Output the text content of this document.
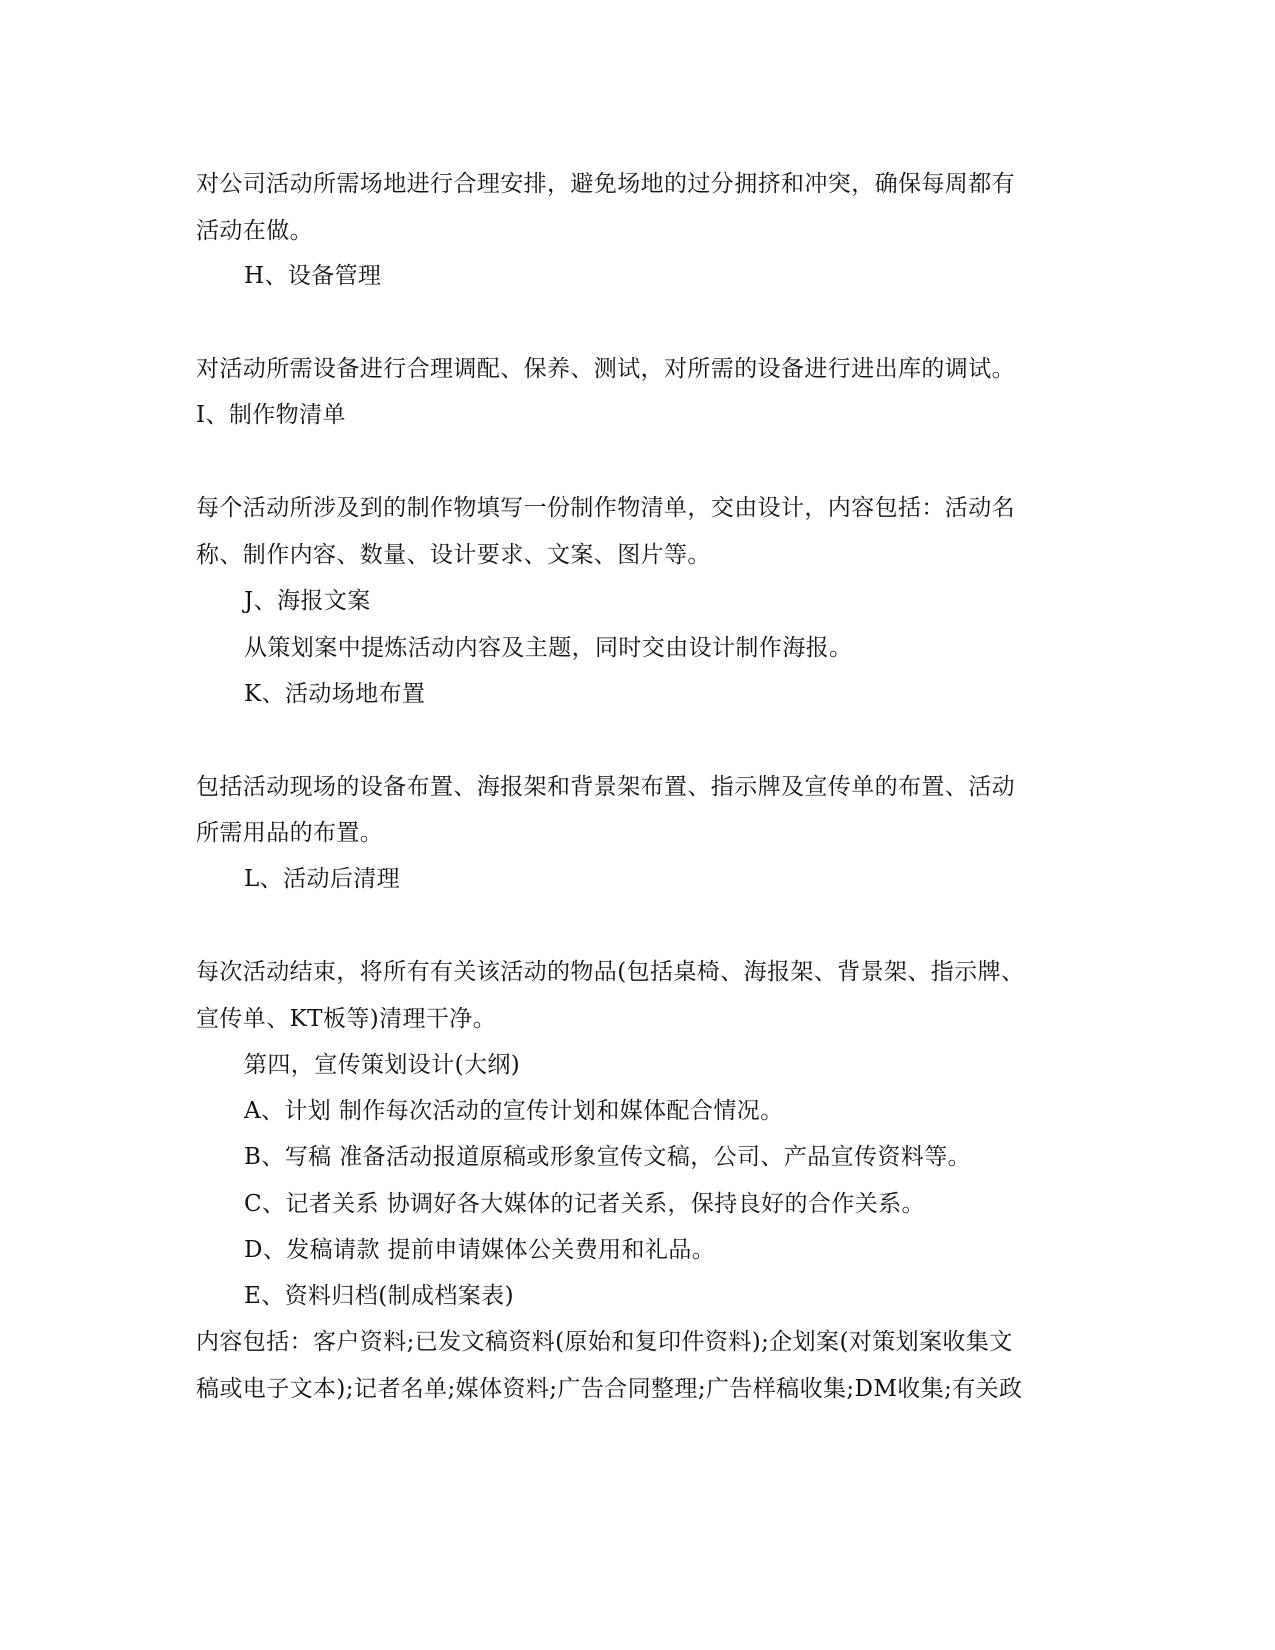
对公司活动所需场地进行合理安排，避免场地的过分拥挤和冲突，确保每周都有
活动在做。
H、设备管理
对活动所需设备进行合理调配、保养、测试，对所需的设备进行进出库的调试。
I、制作物清单
每个活动所涉及到的制作物填写一份制作物清单，交由设计，内容包括：活动名
称、制作内容、数量、设计要求、文案、图片等。
J、海报文案
从策划案中提炼活动内容及主题，同时交由设计制作海报。
K、活动场地布置
包括活动现场的设备布置、海报架和背景架布置、指示牌及宣传单的布置、活动
所需用品的布置。
L、活动后清理
每次活动结束，将所有有关该活动的物品(包括桌椅、海报架、背景架、指示牌、
宣传单、KT板等)清理干净。
第四，宣传策划设计(大纲)
A、计划 制作每次活动的宣传计划和媒体配合情况。
B、写稿 准备活动报道原稿或形象宣传文稿，公司、产品宣传资料等。
C、记者关系 协调好各大媒体的记者关系，保持良好的合作关系。
D、发稿请款 提前申请媒体公关费用和礼品。
E、资料归档(制成档案表)
内容包括：客户资料;已发文稿资料(原始和复印件资料);企划案(对策划案收集文
稿或电子文本);记者名单;媒体资料;广告合同整理;广告样稿收集;DM收集;有关政
